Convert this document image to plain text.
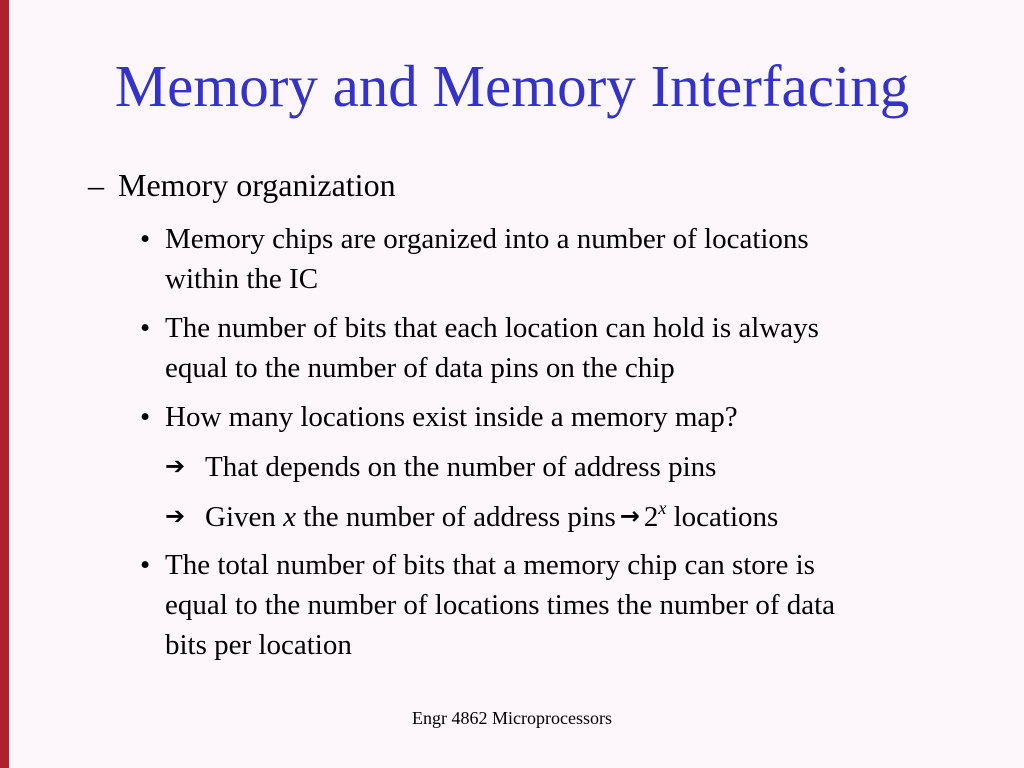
Memory and Memory Interfacing
– Memory organization
• Memory chips are organized into a number of locations
within the IC
• The number of bits that each location can hold is always
equal to the number of data pins on the chip
• How many locations exist inside a memory map?
➔ That depends on the number of address pins
➔ Given x the number of address pins → $2^x$ locations
• The total number of bits that a memory chip can store is
equal to the number of locations times the number of data
bits per location
Engr 4862 Microprocessors
